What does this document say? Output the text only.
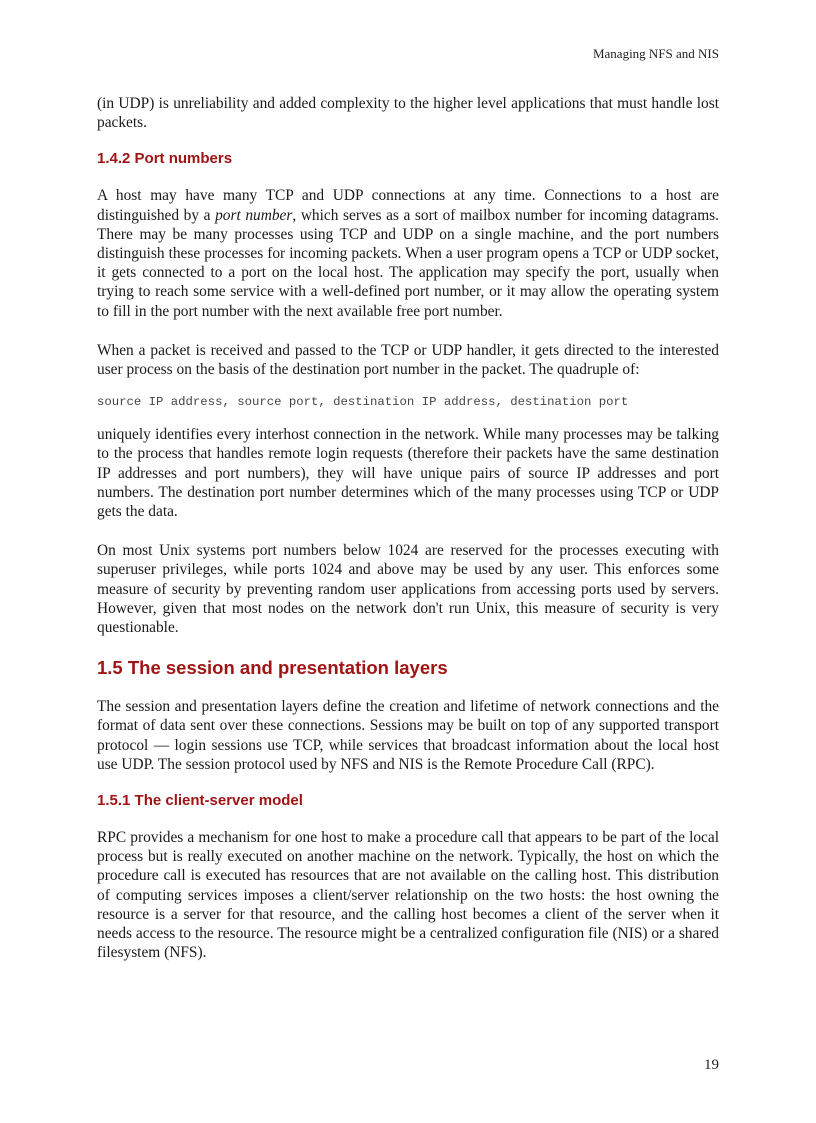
Managing NFS and NIS

(in UDP) is unreliability and added complexity to the higher level applications that must handle lost packets.

1.4.2 Port numbers

A host may have many TCP and UDP connections at any time. Connections to a host are distinguished by a port number, which serves as a sort of mailbox number for incoming datagrams. There may be many processes using TCP and UDP on a single machine, and the port numbers distinguish these processes for incoming packets. When a user program opens a TCP or UDP socket, it gets connected to a port on the local host. The application may specify the port, usually when trying to reach some service with a well-defined port number, or it may allow the operating system to fill in the port number with the next available free port number.

When a packet is received and passed to the TCP or UDP handler, it gets directed to the interested user process on the basis of the destination port number in the packet. The quadruple of:

source IP address, source port, destination IP address, destination port

uniquely identifies every interhost connection in the network. While many processes may be talking to the process that handles remote login requests (therefore their packets have the same destination IP addresses and port numbers), they will have unique pairs of source IP addresses and port numbers. The destination port number determines which of the many processes using TCP or UDP gets the data.

On most Unix systems port numbers below 1024 are reserved for the processes executing with superuser privileges, while ports 1024 and above may be used by any user. This enforces some measure of security by preventing random user applications from accessing ports used by servers. However, given that most nodes on the network don't run Unix, this measure of security is very questionable.

1.5 The session and presentation layers

The session and presentation layers define the creation and lifetime of network connections and the format of data sent over these connections. Sessions may be built on top of any supported transport protocol — login sessions use TCP, while services that broadcast information about the local host use UDP. The session protocol used by NFS and NIS is the Remote Procedure Call (RPC).

1.5.1 The client-server model

RPC provides a mechanism for one host to make a procedure call that appears to be part of the local process but is really executed on another machine on the network. Typically, the host on which the procedure call is executed has resources that are not available on the calling host. This distribution of computing services imposes a client/server relationship on the two hosts: the host owning the resource is a server for that resource, and the calling host becomes a client of the server when it needs access to the resource. The resource might be a centralized configuration file (NIS) or a shared filesystem (NFS).

19
